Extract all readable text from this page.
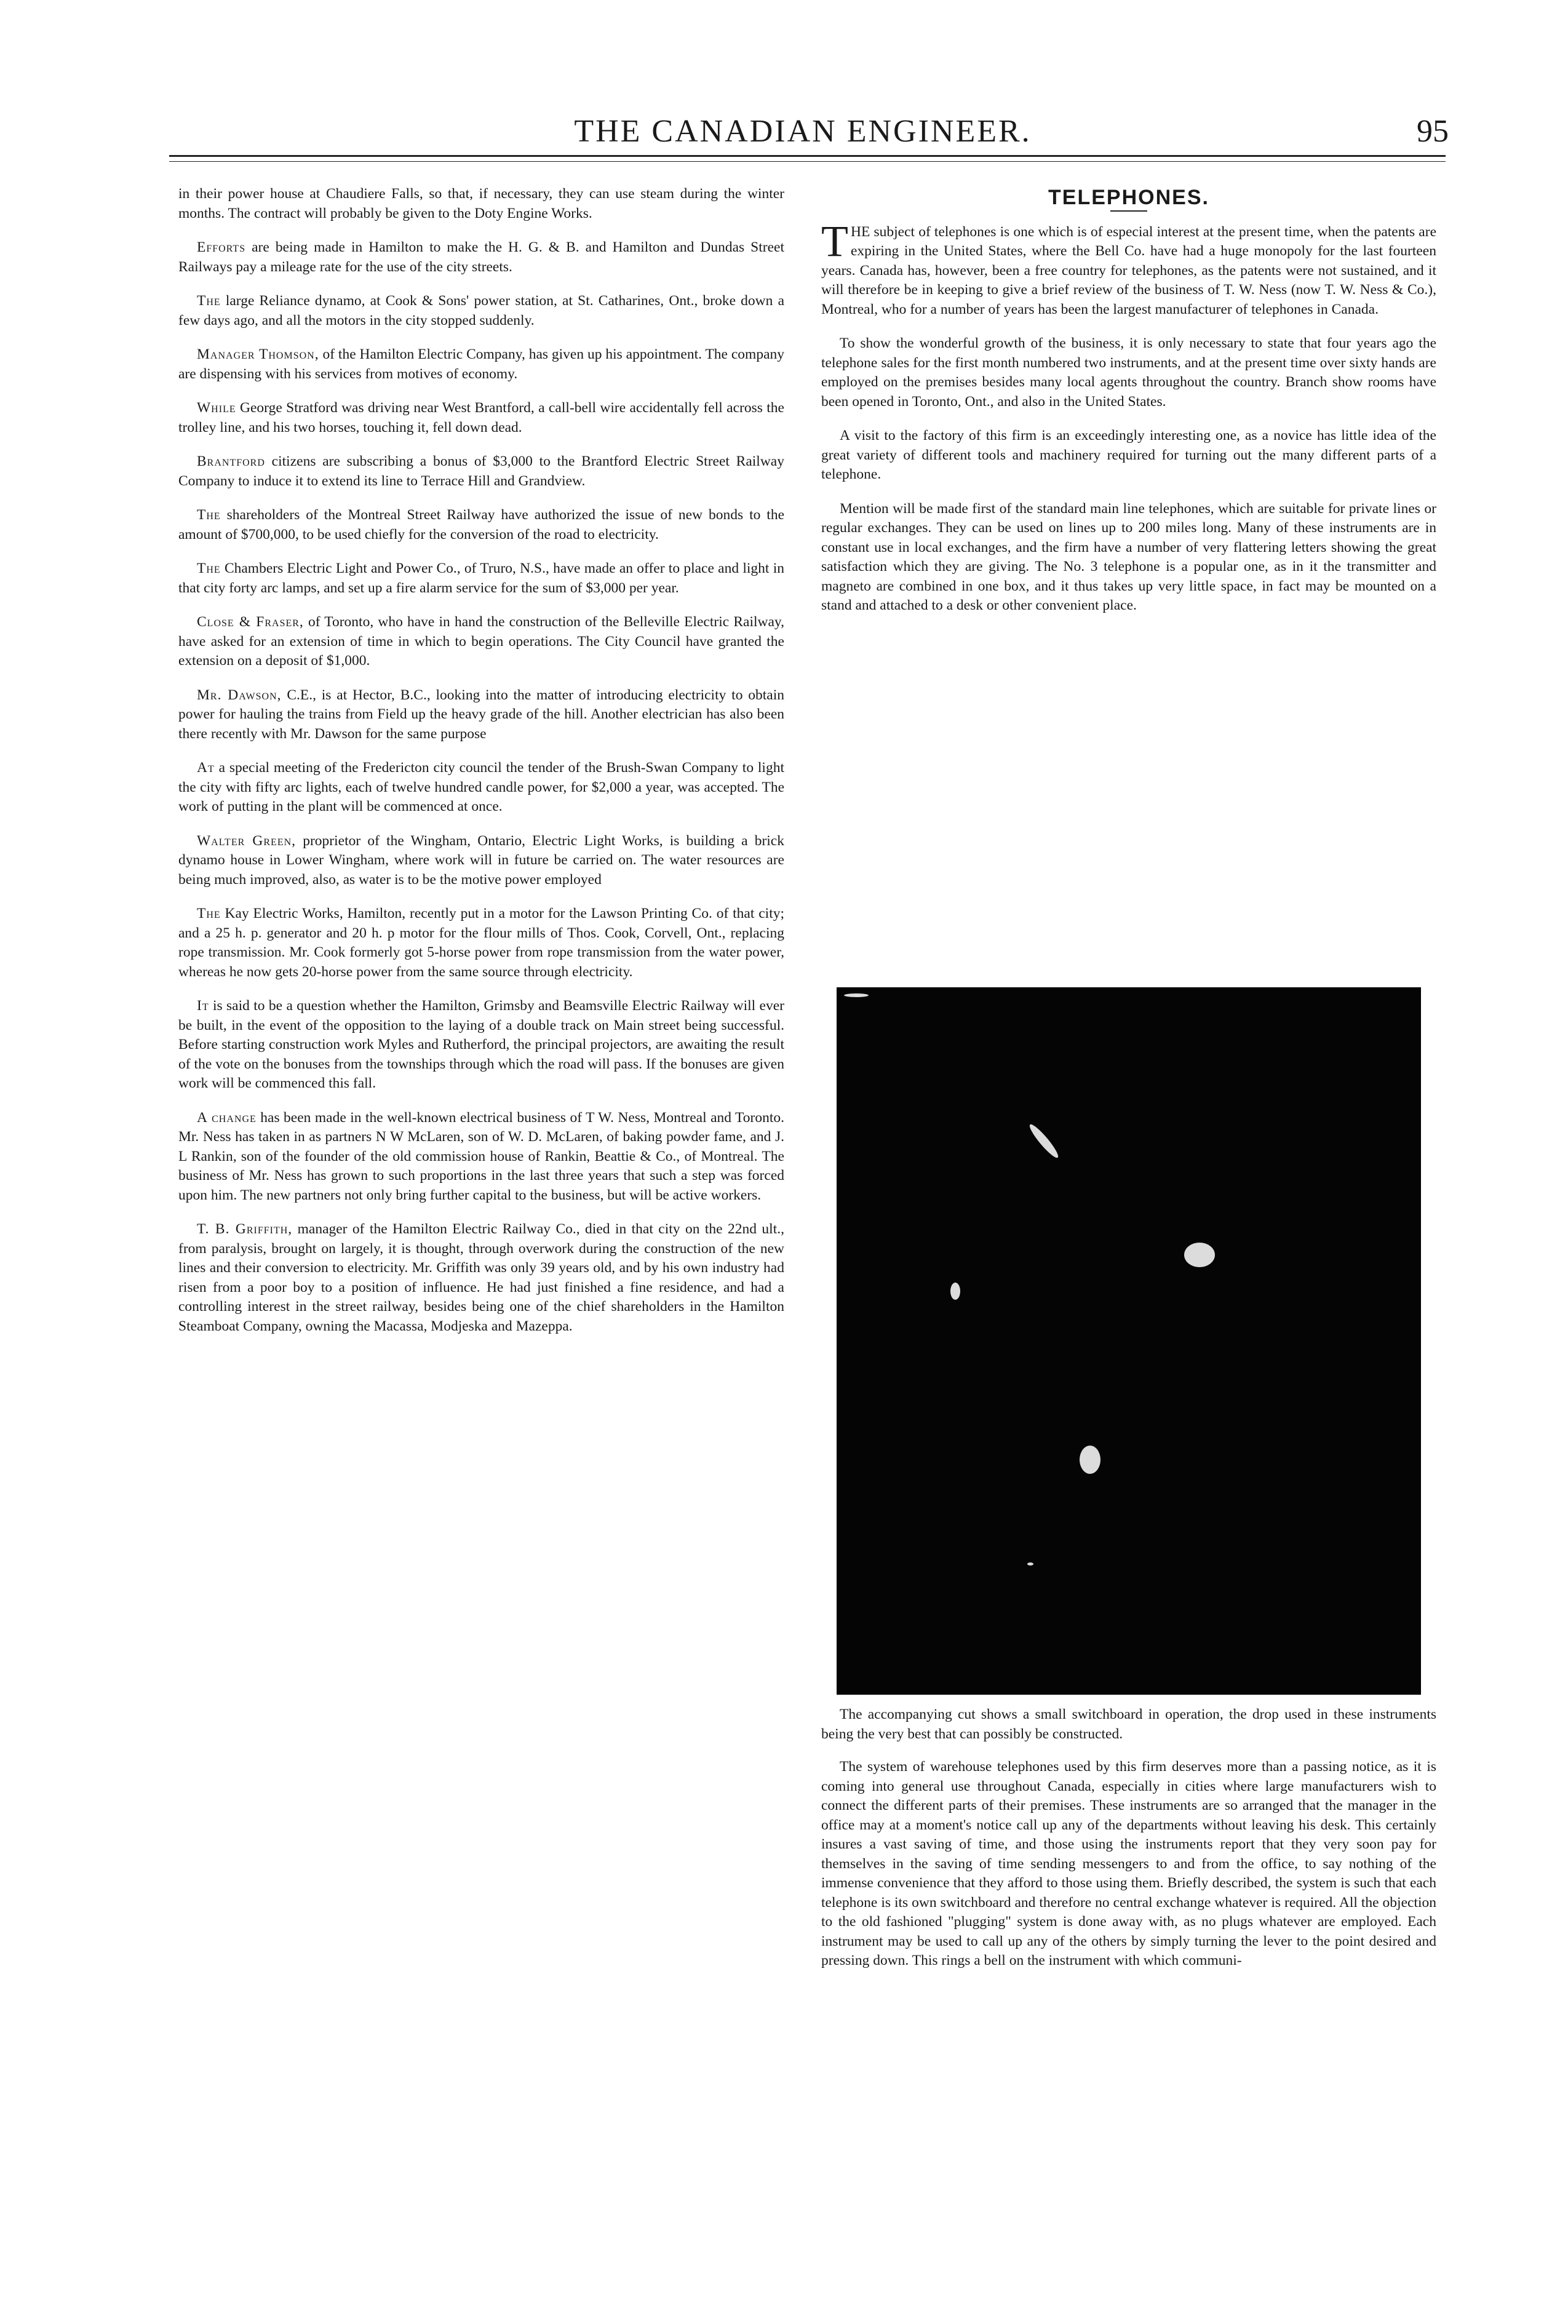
THE CANADIAN ENGINEER.	95

in their power house at Chaudiere Falls, so that, if necessary, they can use steam during the winter months. The contract will probably be given to the Doty Engine Works.

Efforts are being made in Hamilton to make the H. G. & B. and Hamilton and Dundas Street Railways pay a mileage rate for the use of the city streets.

The large Reliance dynamo, at Cook & Sons' power station, at St. Catharines, Ont., broke down a few days ago, and all the motors in the city stopped suddenly.

Manager Thomson, of the Hamilton Electric Company, has given up his appointment. The company are dispensing with his services from motives of economy.

While George Stratford was driving near West Brantford, a call-bell wire accidentally fell across the trolley line, and his two horses, touching it, fell down dead.

Brantford citizens are subscribing a bonus of $3,000 to the Brantford Electric Street Railway Company to induce it to extend its line to Terrace Hill and Grandview.

The shareholders of the Montreal Street Railway have authorized the issue of new bonds to the amount of $700,000, to be used chiefly for the conversion of the road to electricity.

The Chambers Electric Light and Power Co., of Truro, N.S., have made an offer to place and light in that city forty arc lamps, and set up a fire alarm service for the sum of $3,000 per year.

Close & Fraser, of Toronto, who have in hand the construction of the Belleville Electric Railway, have asked for an extension of time in which to begin operations. The City Council have granted the extension on a deposit of $1,000.

Mr. Dawson, C.E., is at Hector, B.C., looking into the matter of introducing electricity to obtain power for hauling the trains from Field up the heavy grade of the hill. Another electrician has also been there recently with Mr. Dawson for the same purpose

At a special meeting of the Fredericton city council the tender of the Brush-Swan Company to light the city with fifty arc lights, each of twelve hundred candle power, for $2,000 a year, was accepted. The work of putting in the plant will be commenced at once.

Walter Green, proprietor of the Wingham, Ontario, Electric Light Works, is building a brick dynamo house in Lower Wingham, where work will in future be carried on. The water resources are being much improved, also, as water is to be the motive power employed

The Kay Electric Works, Hamilton, recently put in a motor for the Lawson Printing Co. of that city; and a 25 h. p. generator and 20 h. p motor for the flour mills of Thos. Cook, Corvell, Ont., replacing rope transmission. Mr. Cook formerly got 5-horse power from rope transmission from the water power, whereas he now gets 20-horse power from the same source through electricity.

It is said to be a question whether the Hamilton, Grimsby and Beamsville Electric Railway will ever be built, in the event of the opposition to the laying of a double track on Main street being successful. Before starting construction work Myles and Rutherford, the principal projectors, are awaiting the result of the vote on the bonuses from the townships through which the road will pass. If the bonuses are given work will be commenced this fall.

A change has been made in the well-known electrical business of T W. Ness, Montreal and Toronto. Mr. Ness has taken in as partners N W McLaren, son of W. D. McLaren, of baking powder fame, and J. L Rankin, son of the founder of the old commission house of Rankin, Beattie & Co., of Montreal. The business of Mr. Ness has grown to such proportions in the last three years that such a step was forced upon him. The new partners not only bring further capital to the business, but will be active workers.

T. B. Griffith, manager of the Hamilton Electric Railway Co., died in that city on the 22nd ult., from paralysis, brought on largely, it is thought, through overwork during the construction of the new lines and their conversion to electricity. Mr. Griffith was only 39 years old, and by his own industry had risen from a poor boy to a position of influence. He had just finished a fine residence, and had a controlling interest in the street railway, besides being one of the chief shareholders in the Hamilton Steamboat Company, owning the Macassa, Modjeska and Mazeppa.

TELEPHONES.

THE subject of telephones is one which is of especial interest at the present time, when the patents are expiring in the United States, where the Bell Co. have had a huge monopoly for the last fourteen years. Canada has, however, been a free country for telephones, as the patents were not sustained, and it will therefore be in keeping to give a brief review of the business of T. W. Ness (now T. W. Ness & Co.), Montreal, who for a number of years has been the largest manufacturer of telephones in Canada.

To show the wonderful growth of the business, it is only necessary to state that four years ago the telephone sales for the first month numbered two instruments, and at the present time over sixty hands are employed on the premises besides many local agents throughout the country. Branch show rooms have been opened in Toronto, Ont., and also in the United States.

A visit to the factory of this firm is an exceedingly interesting one, as a novice has little idea of the great variety of different tools and machinery required for turning out the many different parts of a telephone.

Mention will be made first of the standard main line telephones, which are suitable for private lines or regular exchanges. They can be used on lines up to 200 miles long. Many of these instruments are in constant use in local exchanges, and the firm have a number of very flattering letters showing the great satisfaction which they are giving. The No. 3 telephone is a popular one, as in it the transmitter and magneto are combined in one box, and it thus takes up very little space, in fact may be mounted on a stand and attached to a desk or other convenient place.

The accompanying cut shows a small switchboard in operation, the drop used in these instruments being the very best that can possibly be constructed.

The system of warehouse telephones used by this firm deserves more than a passing notice, as it is coming into general use throughout Canada, especially in cities where large manufacturers wish to connect the different parts of their premises. These instruments are so arranged that the manager in the office may at a moment's notice call up any of the departments without leaving his desk. This certainly insures a vast saving of time, and those using the instruments report that they very soon pay for themselves in the saving of time sending messengers to and from the office, to say nothing of the immense convenience that they afford to those using them. Briefly described, the system is such that each telephone is its own switchboard and therefore no central exchange whatever is required. All the objection to the old fashioned "plugging" system is done away with, as no plugs whatever are employed. Each instrument may be used to call up any of the others by simply turning the lever to the point desired and pressing down. This rings a bell on the instrument with which communi-
